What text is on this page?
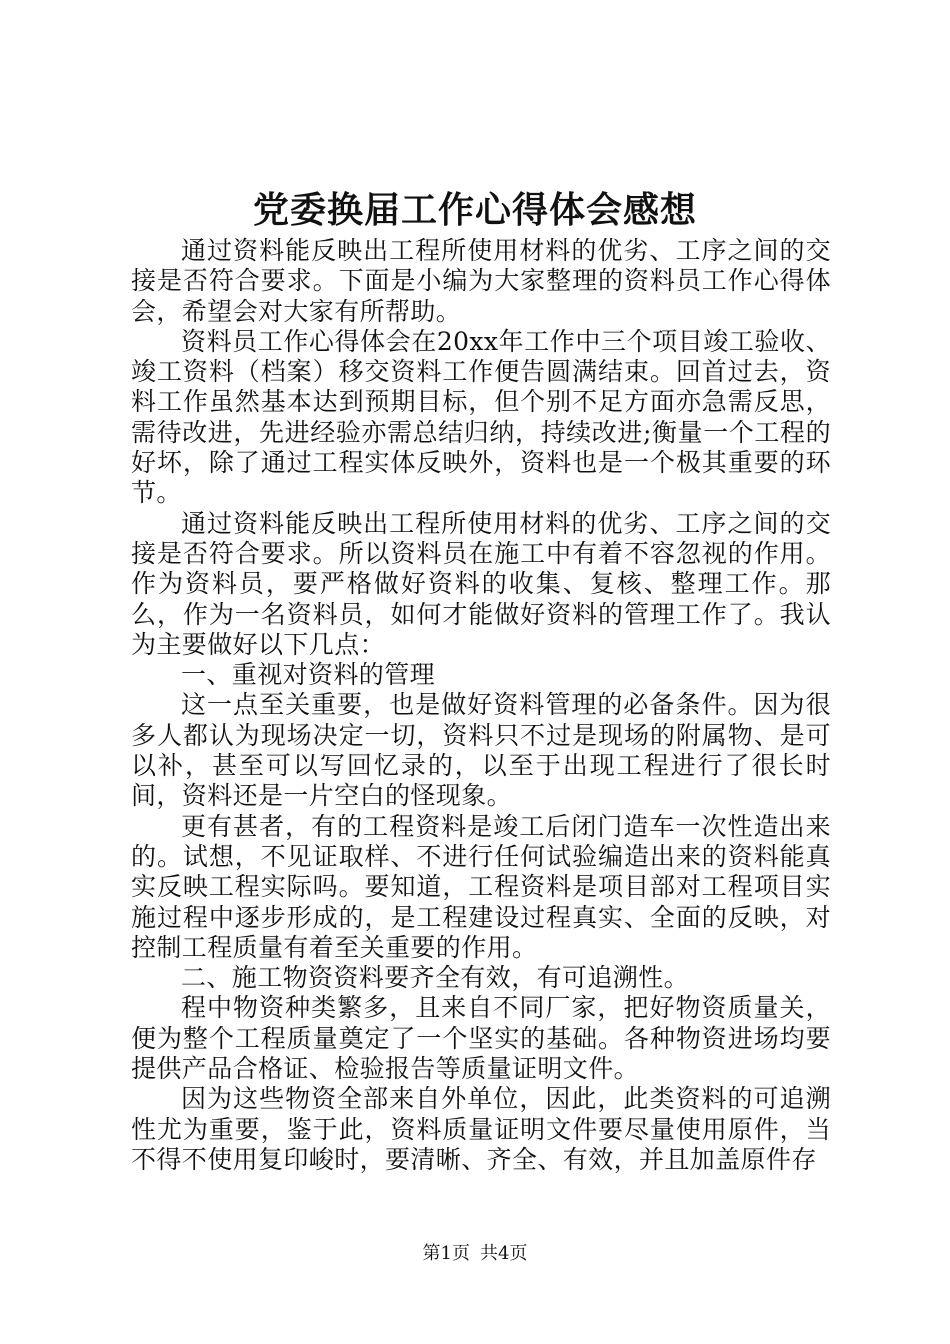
党委换届工作心得体会感想

通过资料能反映出工程所使用材料的优劣、工序之间的交接是否符合要求。下面是小编为大家整理的资料员工作心得体会，希望会对大家有所帮助。

资料员工作心得体会在20xx年工作中三个项目竣工验收、竣工资料（档案）移交资料工作便告圆满结束。回首过去，资料工作虽然基本达到预期目标，但个别不足方面亦急需反思，需待改进，先进经验亦需总结归纳，持续改进;衡量一个工程的好坏，除了通过工程实体反映外，资料也是一个极其重要的环节。

通过资料能反映出工程所使用材料的优劣、工序之间的交接是否符合要求。所以资料员在施工中有着不容忽视的作用。作为资料员，要严格做好资料的收集、复核、整理工作。那么，作为一名资料员，如何才能做好资料的管理工作了。我认为主要做好以下几点：

一、重视对资料的管理

这一点至关重要，也是做好资料管理的必备条件。因为很多人都认为现场决定一切，资料只不过是现场的附属物、是可以补，甚至可以写回忆录的，以至于出现工程进行了很长时间，资料还是一片空白的怪现象。

更有甚者，有的工程资料是竣工后闭门造车一次性造出来的。试想，不见证取样、不进行任何试验编造出来的资料能真实反映工程实际吗。要知道，工程资料是项目部对工程项目实施过程中逐步形成的，是工程建设过程真实、全面的反映，对控制工程质量有着至关重要的作用。

二、施工物资资料要齐全有效，有可追溯性。

程中物资种类繁多，且来自不同厂家，把好物资质量关，便为整个工程质量奠定了一个坚实的基础。各种物资进场均要提供产品合格证、检验报告等质量证明文件。

因为这些物资全部来自外单位，因此，此类资料的可追溯性尤为重要，鉴于此，资料质量证明文件要尽量使用原件，当不得不使用复印峻时，要清晰、齐全、有效，并且加盖原件存

第1页 共4页
